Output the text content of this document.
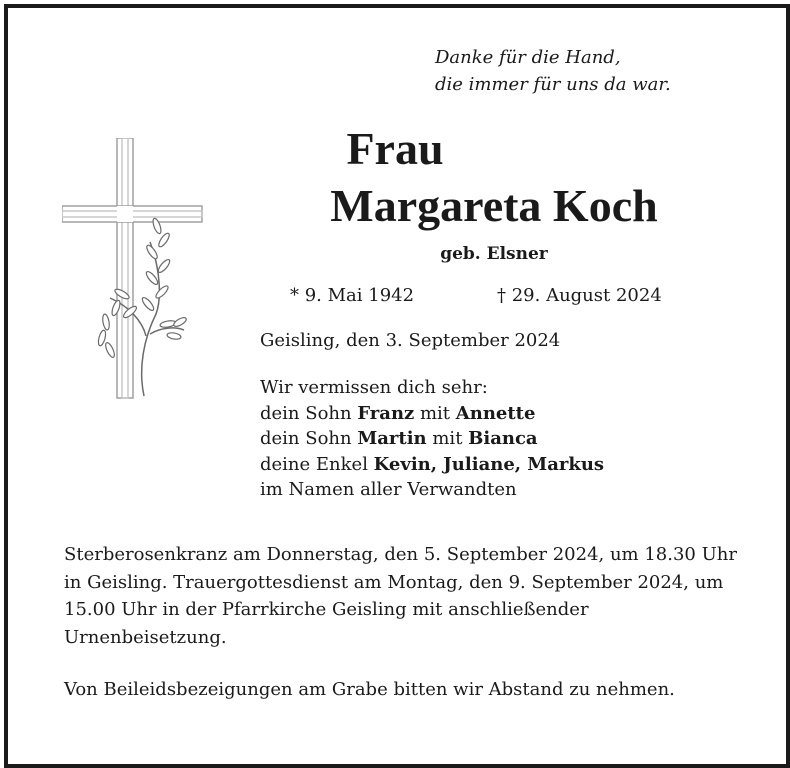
Danke für die Hand,
die immer für uns da war.
Frau
Margareta Koch
geb. Elsner
* 9. Mai 1942	† 29. August 2024
Geisling, den 3. September 2024
Wir vermissen dich sehr:
dein Sohn Franz mit Annette
dein Sohn Martin mit Bianca
deine Enkel Kevin, Juliane, Markus
im Namen aller Verwandten
Sterberosenkranz am Donnerstag, den 5. September 2024, um 18.30 Uhr in Geisling. Trauergottesdienst am Montag, den 9. September 2024, um 15.00 Uhr in der Pfarrkirche Geisling mit anschließender Urnenbeisetzung.
Von Beileidsbezeigungen am Grabe bitten wir Abstand zu nehmen.
